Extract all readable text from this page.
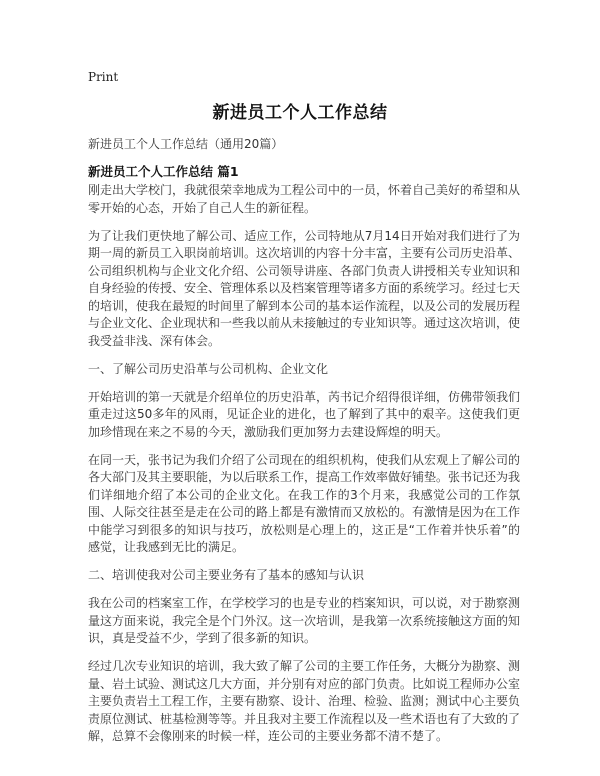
Print
新进员工个人工作总结
新进员工个人工作总结（通用20篇）
新进员工个人工作总结 篇1

刚走出大学校门，我就很荣幸地成为工程公司中的一员，怀着自己美好的希望和从零开始的心态，开始了自己人生的新征程。

为了让我们更快地了解公司、适应工作，公司特地从7月14日开始对我们进行了为期一周的新员工入职岗前培训。这次培训的内容十分丰富，主要有公司历史沿革、公司组织机构与企业文化介绍、公司领导讲座、各部门负责人讲授相关专业知识和自身经验的传授、安全、管理体系以及档案管理等诸多方面的系统学习。经过七天的培训，使我在最短的时间里了解到本公司的基本运作流程，以及公司的发展历程与企业文化、企业现状和一些我以前从未接触过的专业知识等。通过这次培训，使我受益非浅、深有体会。

一、了解公司历史沿革与公司机构、企业文化

开始培训的第一天就是介绍单位的历史沿革，芮书记介绍得很详细，仿佛带领我们重走过这50多年的风雨，见证企业的进化，也了解到了其中的艰辛。这使我们更加珍惜现在来之不易的今天，激励我们更加努力去建设辉煌的明天。

在同一天，张书记为我们介绍了公司现在的组织机构，使我们从宏观上了解公司的各大部门及其主要职能，为以后联系工作，提高工作效率做好铺垫。张书记还为我们详细地介绍了本公司的企业文化。在我工作的3个月来，我感觉公司的工作氛围、人际交往甚至是走在公司的路上都是有激情而又放松的。有激情是因为在工作中能学习到很多的知识与技巧，放松则是心理上的，这正是“工作着并快乐着”的感觉，让我感到无比的满足。

二、培训使我对公司主要业务有了基本的感知与认识

我在公司的档案室工作，在学校学习的也是专业的档案知识，可以说，对于勘察测量这方面来说，我完全是个门外汉。这一次培训，是我第一次系统接触这方面的知识，真是受益不少，学到了很多新的知识。

经过几次专业知识的培训，我大致了解了公司的主要工作任务，大概分为勘察、测量、岩土试验、测试这几大方面，并分别有对应的部门负责。比如说工程师办公室主要负责岩土工程工作，主要有勘察、设计、治理、检验、监测；测试中心主要负责原位测试、桩基检测等等。并且我对主要工作流程以及一些术语也有了大致的了解，总算不会像刚来的时候一样，连公司的主要业务都不清不楚了。
